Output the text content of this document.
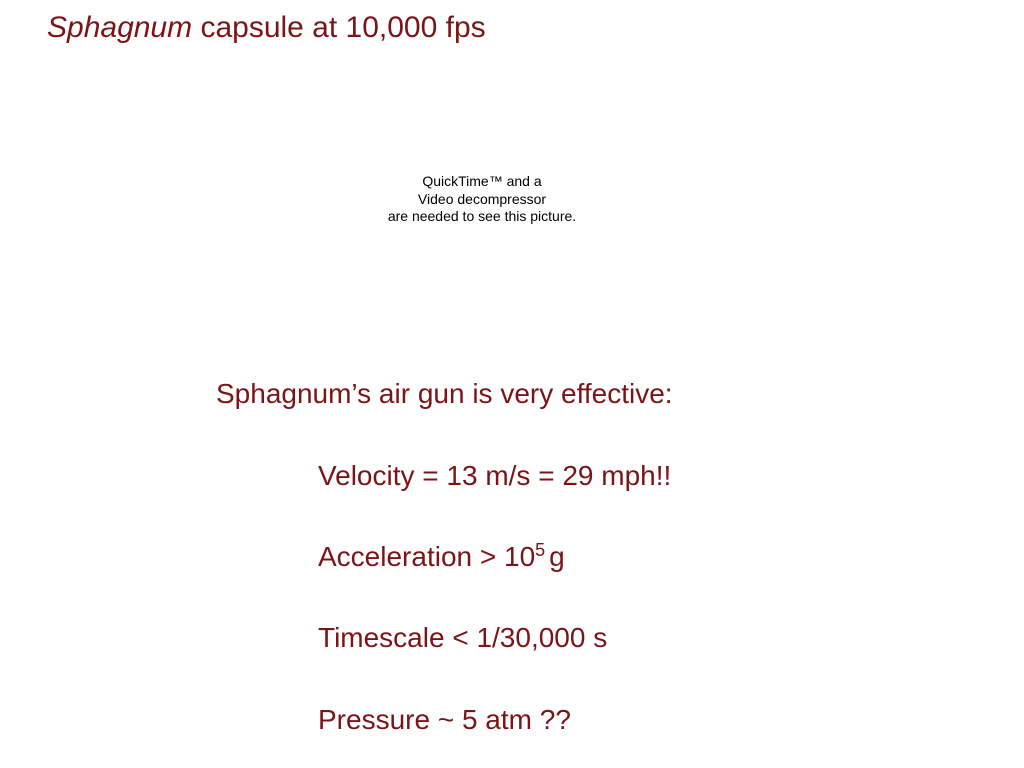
Sphagnum capsule at 10,000 fps
QuickTime™ and a
Video decompressor
are needed to see this picture.
Sphagnum’s air gun is very effective:
Velocity = 13 m/s = 29 mph!!
Acceleration > $10^5$ g
Timescale < 1/30,000 s
Pressure ~ 5 atm ??
